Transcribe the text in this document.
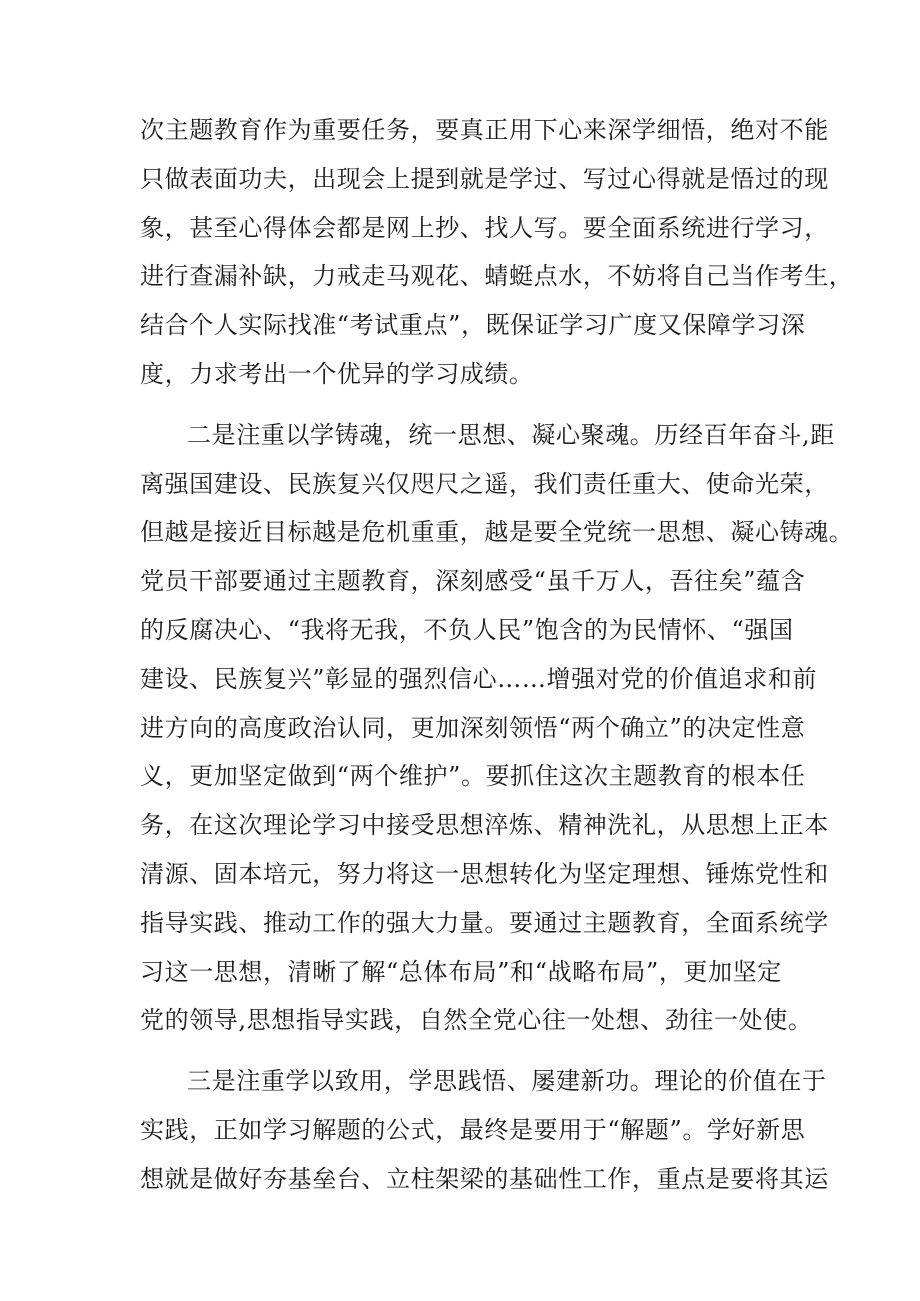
次主题教育作为重要任务，要真正用下心来深学细悟，绝对不能
只做表面功夫，出现会上提到就是学过、写过心得就是悟过的现
象，甚至心得体会都是网上抄、找人写。要全面系统进行学习，
进行查漏补缺，力戒走马观花、蜻蜓点水，不妨将自己当作考生，
结合个人实际找准“考试重点”，既保证学习广度又保障学习深
度，力求考出一个优异的学习成绩。
二是注重以学铸魂，统一思想、凝心聚魂。历经百年奋斗,距
离强国建设、民族复兴仅咫尺之遥，我们责任重大、使命光荣，
但越是接近目标越是危机重重，越是要全党统一思想、凝心铸魂。
党员干部要通过主题教育，深刻感受“虽千万人，吾往矣”蕴含
的反腐决心、“我将无我，不负人民”饱含的为民情怀、“强国
建设、民族复兴”彰显的强烈信心……增强对党的价值追求和前
进方向的高度政治认同，更加深刻领悟“两个确立”的决定性意
义，更加坚定做到“两个维护”。要抓住这次主题教育的根本任
务，在这次理论学习中接受思想淬炼、精神洗礼，从思想上正本
清源、固本培元，努力将这一思想转化为坚定理想、锤炼党性和
指导实践、推动工作的强大力量。要通过主题教育，全面系统学
习这一思想，清晰了解“总体布局”和“战略布局”，更加坚定
党的领导,思想指导实践，自然全党心往一处想、劲往一处使。
三是注重学以致用，学思践悟、屡建新功。理论的价值在于
实践，正如学习解题的公式，最终是要用于“解题”。学好新思
想就是做好夯基垒台、立柱架梁的基础性工作，重点是要将其运
